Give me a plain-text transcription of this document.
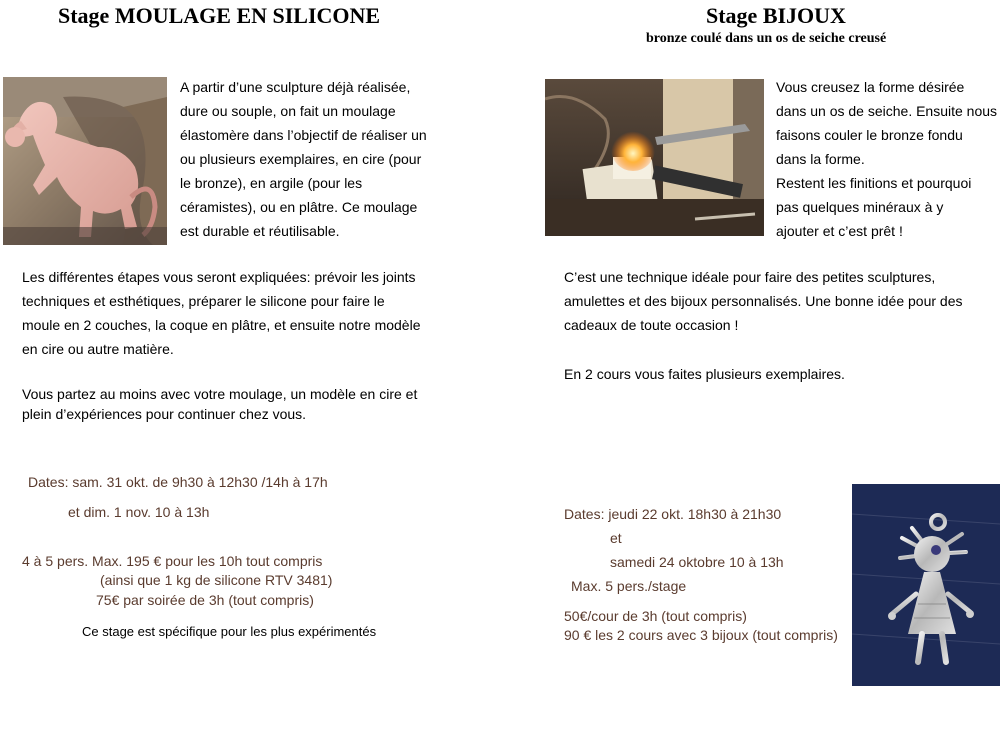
Stage MOULAGE EN SILICONE
A partir d’une sculpture déjà réalisée,
dure ou souple, on fait un moulage
élastomère dans l’objectif de réaliser un
ou plusieurs exemplaires, en cire (pour
le bronze), en argile (pour les
céramistes), ou en plâtre. Ce moulage
est durable et réutilisable.
Les différentes étapes vous seront expliquées: prévoir les joints
techniques et esthétiques, préparer le silicone pour faire le
moule en 2 couches, la coque en plâtre, et ensuite notre modèle
en cire ou autre matière.
Vous partez au moins avec votre moulage, un modèle en cire et
plein d’expériences pour continuer chez vous.
Dates: sam. 31 okt. de 9h30 à 12h30 /14h à 17h
et dim. 1 nov. 10 à 13h
4 à 5 pers. Max. 195 € pour les 10h tout compris
(ainsi que 1 kg de silicone RTV 3481)
75€ par soirée de 3h (tout compris)
Ce stage est spécifique pour les plus expérimentés
Stage BIJOUX
bronze coulé dans un os de seiche creusé
Vous creusez la forme désirée
dans un os de seiche. Ensuite nous
faisons couler le bronze fondu
dans la forme.
Restent les finitions et pourquoi
pas quelques minéraux à y
ajouter et c’est prêt !
C’est une technique idéale pour faire des petites sculptures,
amulettes et des bijoux personnalisés. Une bonne idée pour des
cadeaux de toute occasion !
En 2 cours vous faites plusieurs exemplaires.
Dates: jeudi 22 okt. 18h30 à 21h30
et
samedi 24 oktobre 10 à 13h
Max. 5 pers./stage
50€/cour de 3h (tout compris)
90 € les 2 cours avec 3 bijoux (tout compris)
